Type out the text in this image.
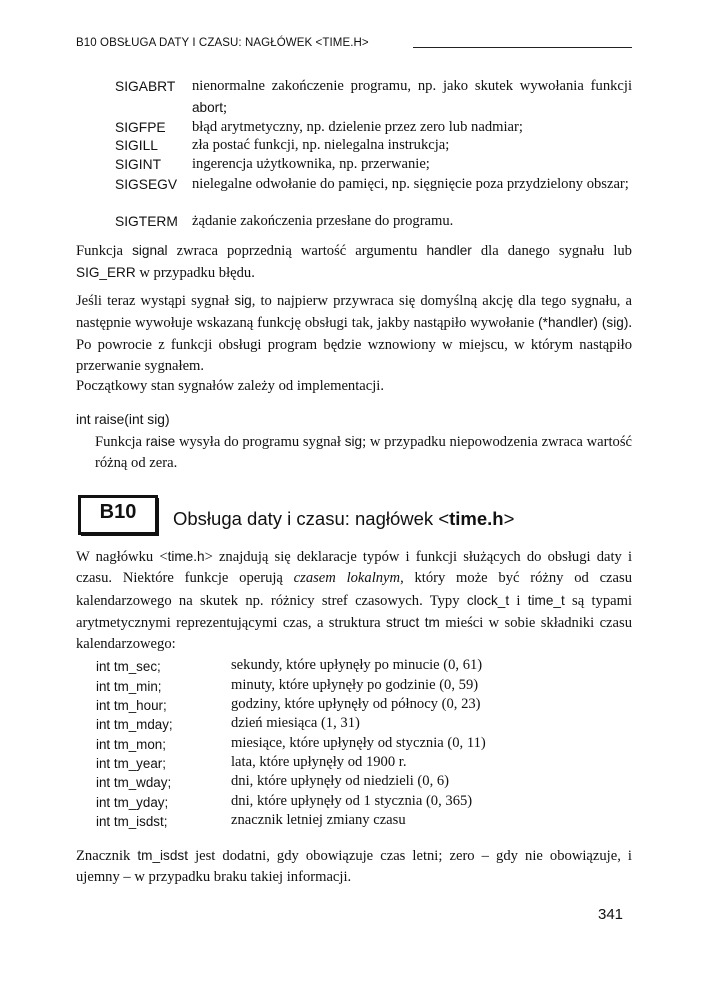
B10 OBSŁUGA DATY I CZASU: NAGŁÓWEK <TIME.H>
SIGABRT nienormalne zakończenie programu, np. jako skutek wywołania funkcji abort;
SIGFPE błąd arytmetyczny, np. dzielenie przez zero lub nadmiar;
SIGILL zła postać funkcji, np. nielegalna instrukcja;
SIGINT ingerencja użytkownika, np. przerwanie;
SIGSEGV nielegalne odwołanie do pamięci, np. sięgnięcie poza przydzielony obszar;
SIGTERM żądanie zakończenia przesłane do programu.
Funkcja signal zwraca poprzednią wartość argumentu handler dla danego sygnału lub SIG_ERR w przypadku błędu.
Jeśli teraz wystąpi sygnał sig, to najpierw przywraca się domyślną akcję dla tego sygnału, a następnie wywołuje wskazaną funkcję obsługi tak, jakby nastąpiło wywołanie (*handler) (sig). Po powrocie z funkcji obsługi program będzie wznowiony w miejscu, w którym nastąpiło przerwanie sygnałem.
Początkowy stan sygnałów zależy od implementacji.
int raise(int sig)
Funkcja raise wysyła do programu sygnał sig; w przypadku niepowodzenia zwraca wartość różną od zera.
B10	Obsługa daty i czasu: nagłówek <time.h>
W nagłówku <time.h> znajdują się deklaracje typów i funkcji służących do obsługi daty i czasu. Niektóre funkcje operują czasem lokalnym, który może być różny od czasu kalendarzowego na skutek np. różnicy stref czasowych. Typy clock_t i time_t są typami arytmetycznymi reprezentującymi czas, a struktura struct tm mieści w sobie składniki czasu kalendarzowego:
int tm_sec;	sekundy, które upłynęły po minucie (0, 61)
int tm_min;	minuty, które upłynęły po godzinie (0, 59)
int tm_hour;	godziny, które upłynęły od północy (0, 23)
int tm_mday;	dzień miesiąca (1, 31)
int tm_mon;	miesiące, które upłynęły od stycznia (0, 11)
int tm_year;	lata, które upłynęły od 1900 r.
int tm_wday;	dni, które upłynęły od niedzieli (0, 6)
int tm_yday;	dni, które upłynęły od 1 stycznia (0, 365)
int tm_isdst;	znacznik letniej zmiany czasu
Znacznik tm_isdst jest dodatni, gdy obowiązuje czas letni; zero – gdy nie obowiązuje, i ujemny – w przypadku braku takiej informacji.
341
